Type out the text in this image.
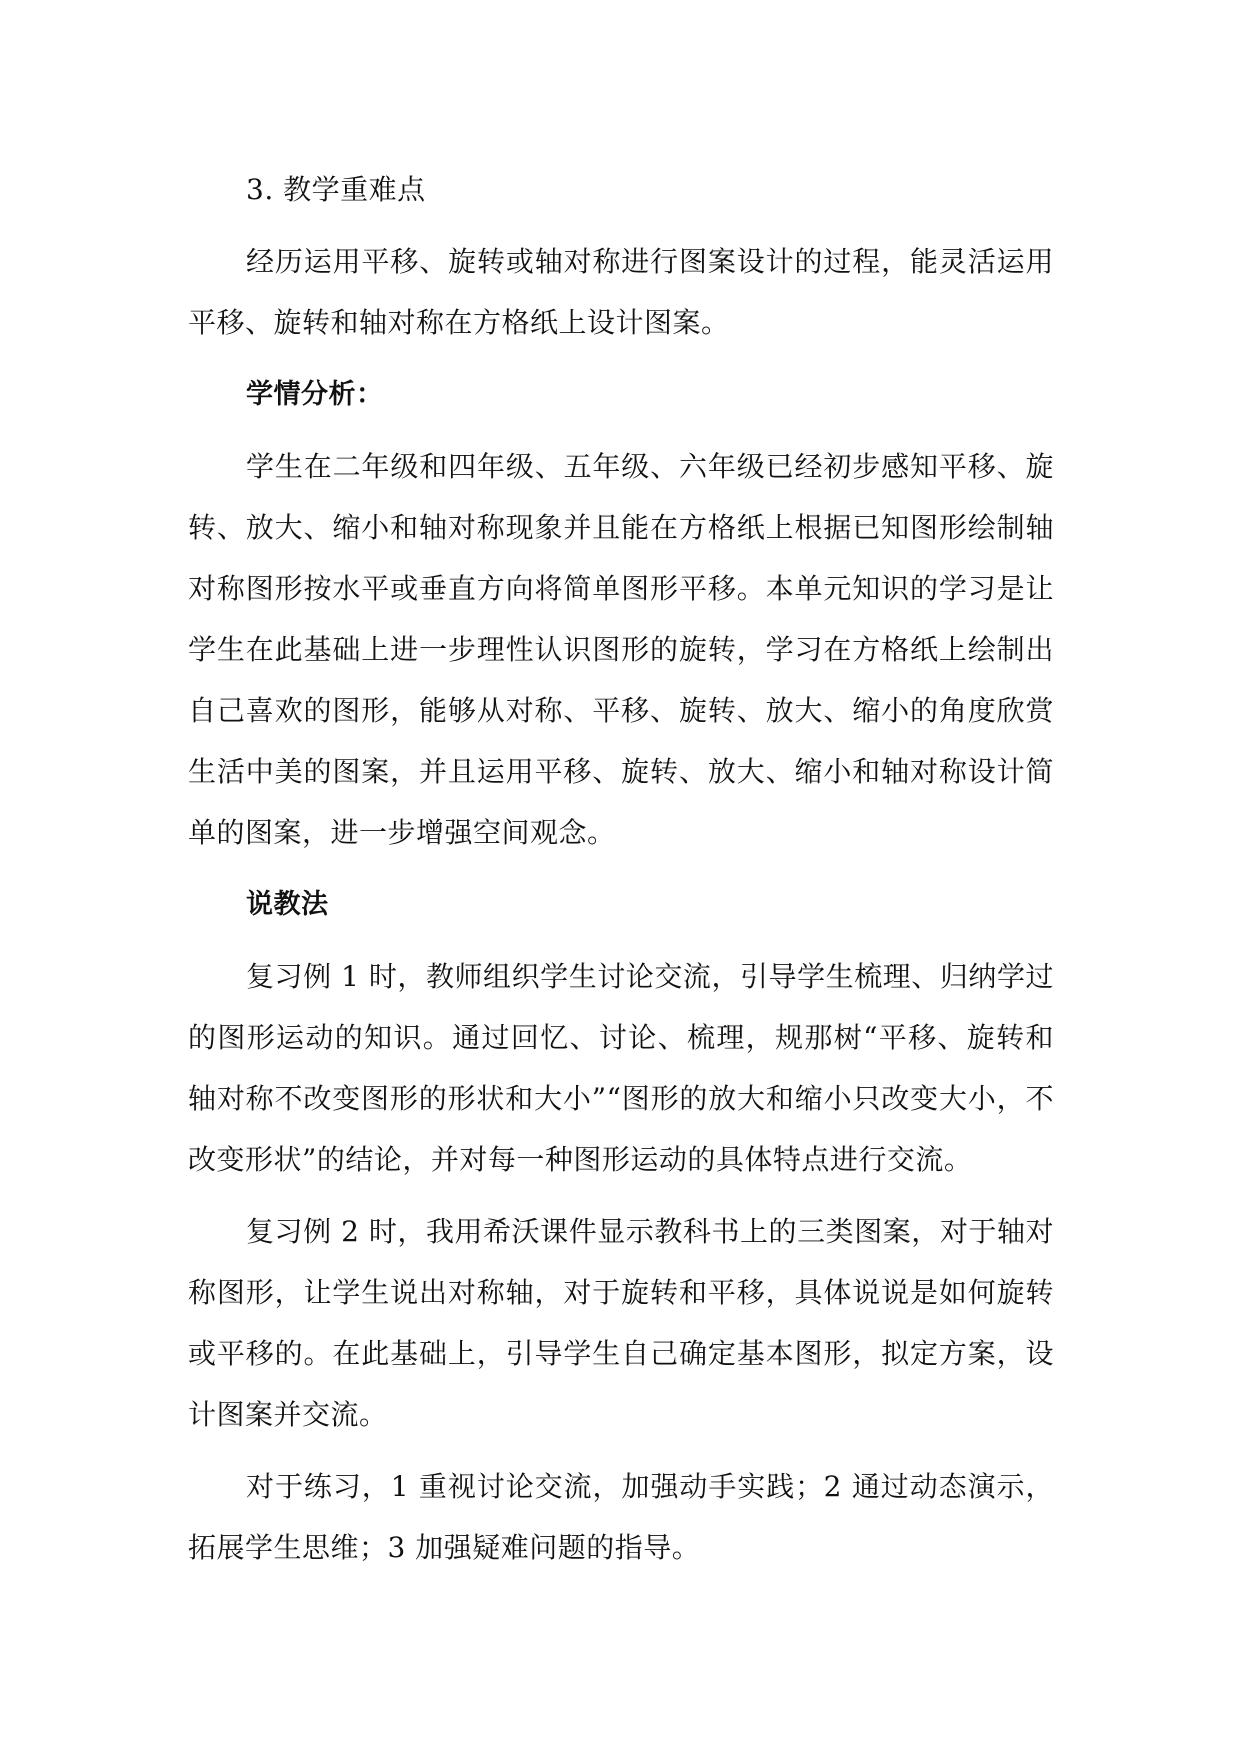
3. 教学重难点

经历运用平移、旋转或轴对称进行图案设计的过程，能灵活运用平移、旋转和轴对称在方格纸上设计图案。

学情分析：

学生在二年级和四年级、五年级、六年级已经初步感知平移、旋转、放大、缩小和轴对称现象并且能在方格纸上根据已知图形绘制轴对称图形按水平或垂直方向将简单图形平移。本单元知识的学习是让学生在此基础上进一步理性认识图形的旋转，学习在方格纸上绘制出自己喜欢的图形，能够从对称、平移、旋转、放大、缩小的角度欣赏生活中美的图案，并且运用平移、旋转、放大、缩小和轴对称设计简单的图案，进一步增强空间观念。

说教法

复习例 1 时，教师组织学生讨论交流，引导学生梳理、归纳学过的图形运动的知识。通过回忆、讨论、梳理，规那树“平移、旋转和轴对称不改变图形的形状和大小”“图形的放大和缩小只改变大小，不改变形状”的结论，并对每一种图形运动的具体特点进行交流。

复习例 2 时，我用希沃课件显示教科书上的三类图案，对于轴对称图形，让学生说出对称轴，对于旋转和平移，具体说说是如何旋转或平移的。在此基础上，引导学生自己确定基本图形，拟定方案，设计图案并交流。

对于练习，1 重视讨论交流，加强动手实践；2 通过动态演示，拓展学生思维；3 加强疑难问题的指导。
